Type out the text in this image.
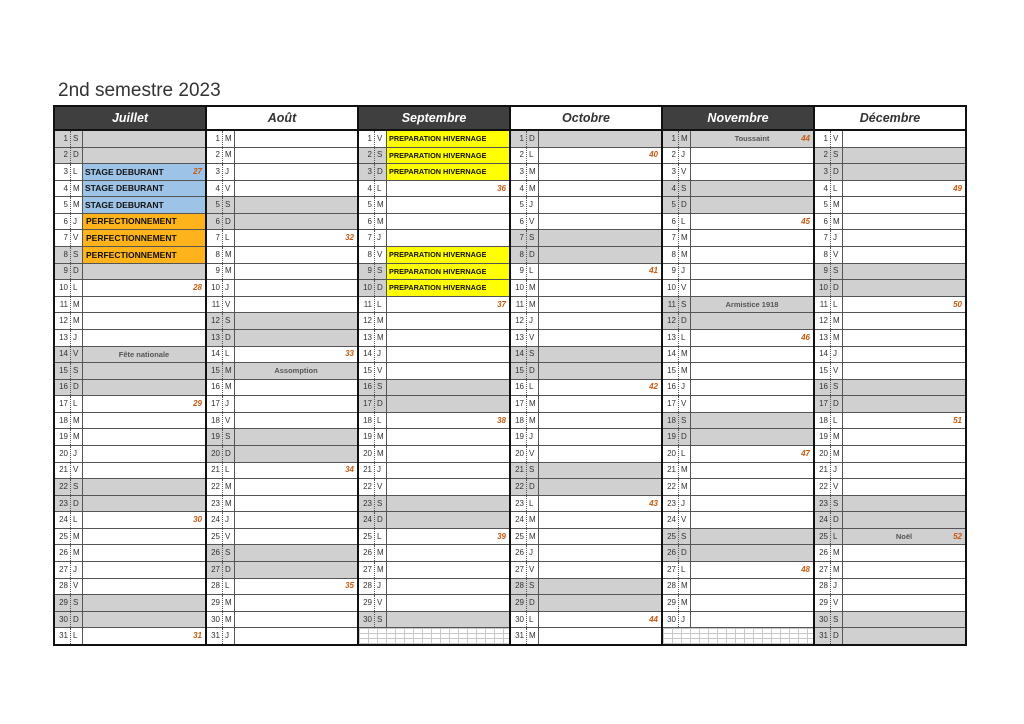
2nd semestre 2023
Juillet
1 S
2 D
3 L STAGE DEBURANT	27
4 M STAGE DEBURANT
5 M STAGE DEBURANT
6 J	PERFECTIONNEMENT
7 V PERFECTIONNEMENT
8 S PERFECTIONNEMENT
9 D
10 L	28
11 M
12 M
13 J
14 V	Fête nationale
15 S
16 D
17 L	29
18 M
19 M
20 J
21 V
22 S
23 D
24 L	30
25 M
26 M
27 J
28 V
29 S
30 D
31 L	31
Août
1 M
2 M
3 J
4 V
5 S
6 D
7 L	32
8 M
9 M
10 J
11 V
12 S
13 D
14 L	33
15 M	Assomption
16 M
17 J
18 V
19 S
20 D
21 L	34
22 M
23 M
24 J
25 V
26 S
27 D
28 L	35
29 M
30 M
31 J
Septembre
1 V PREPARATION HIVERNAGE
2 S PREPARATION HIVERNAGE
3 D PREPARATION HIVERNAGE
4 L	36
5 M
6 M
7 J
8 V PREPARATION HIVERNAGE
9 S PREPARATION HIVERNAGE
10 D PREPARATION HIVERNAGE
11 L	37
12 M
13 M
14 J
15 V
16 S
17 D
18 L	38
19 M
20 M
21 J
22 V
23 S
24 D
25 L	39
26 M
27 M
28 J
29 V
30 S
Octobre
1 D
2 L	40
3 M
4 M
5 J
6 V
7 S
8 D
9 L	41
10 M
11 M
12 J
13 V
14 S
15 D
16 L	42
17 M
18 M
19 J
20 V
21 S
22 D
23 L	43
24 M
25 M
26 J
27 V
28 S
29 D
30 L	44
31 M
Novembre
1 M	Toussaint	44
2 J
3 V
4 S
5 D
6 L	45
7 M
8 M
9 J
10 V
11 S	Armistice 1918
12 D
13 L	46
14 M
15 M
16 J
17 V
18 S
19 D
20 L	47
21 M
22 M
23 J
24 V
25 S
26 D
27 L	48
28 M
29 M
30 J
Décembre
1 V
2 S
3 D
4 L	49
5 M
6 M
7 J
8 V
9 S
10 D
11 L	50
12 M
13 M
14 J
15 V
16 S
17 D
18 L	51
19 M
20 M
21 J
22 V
23 S
24 D
25 L	Noël	52
26 M
27 M
28 J
29 V
30 S
31 D
